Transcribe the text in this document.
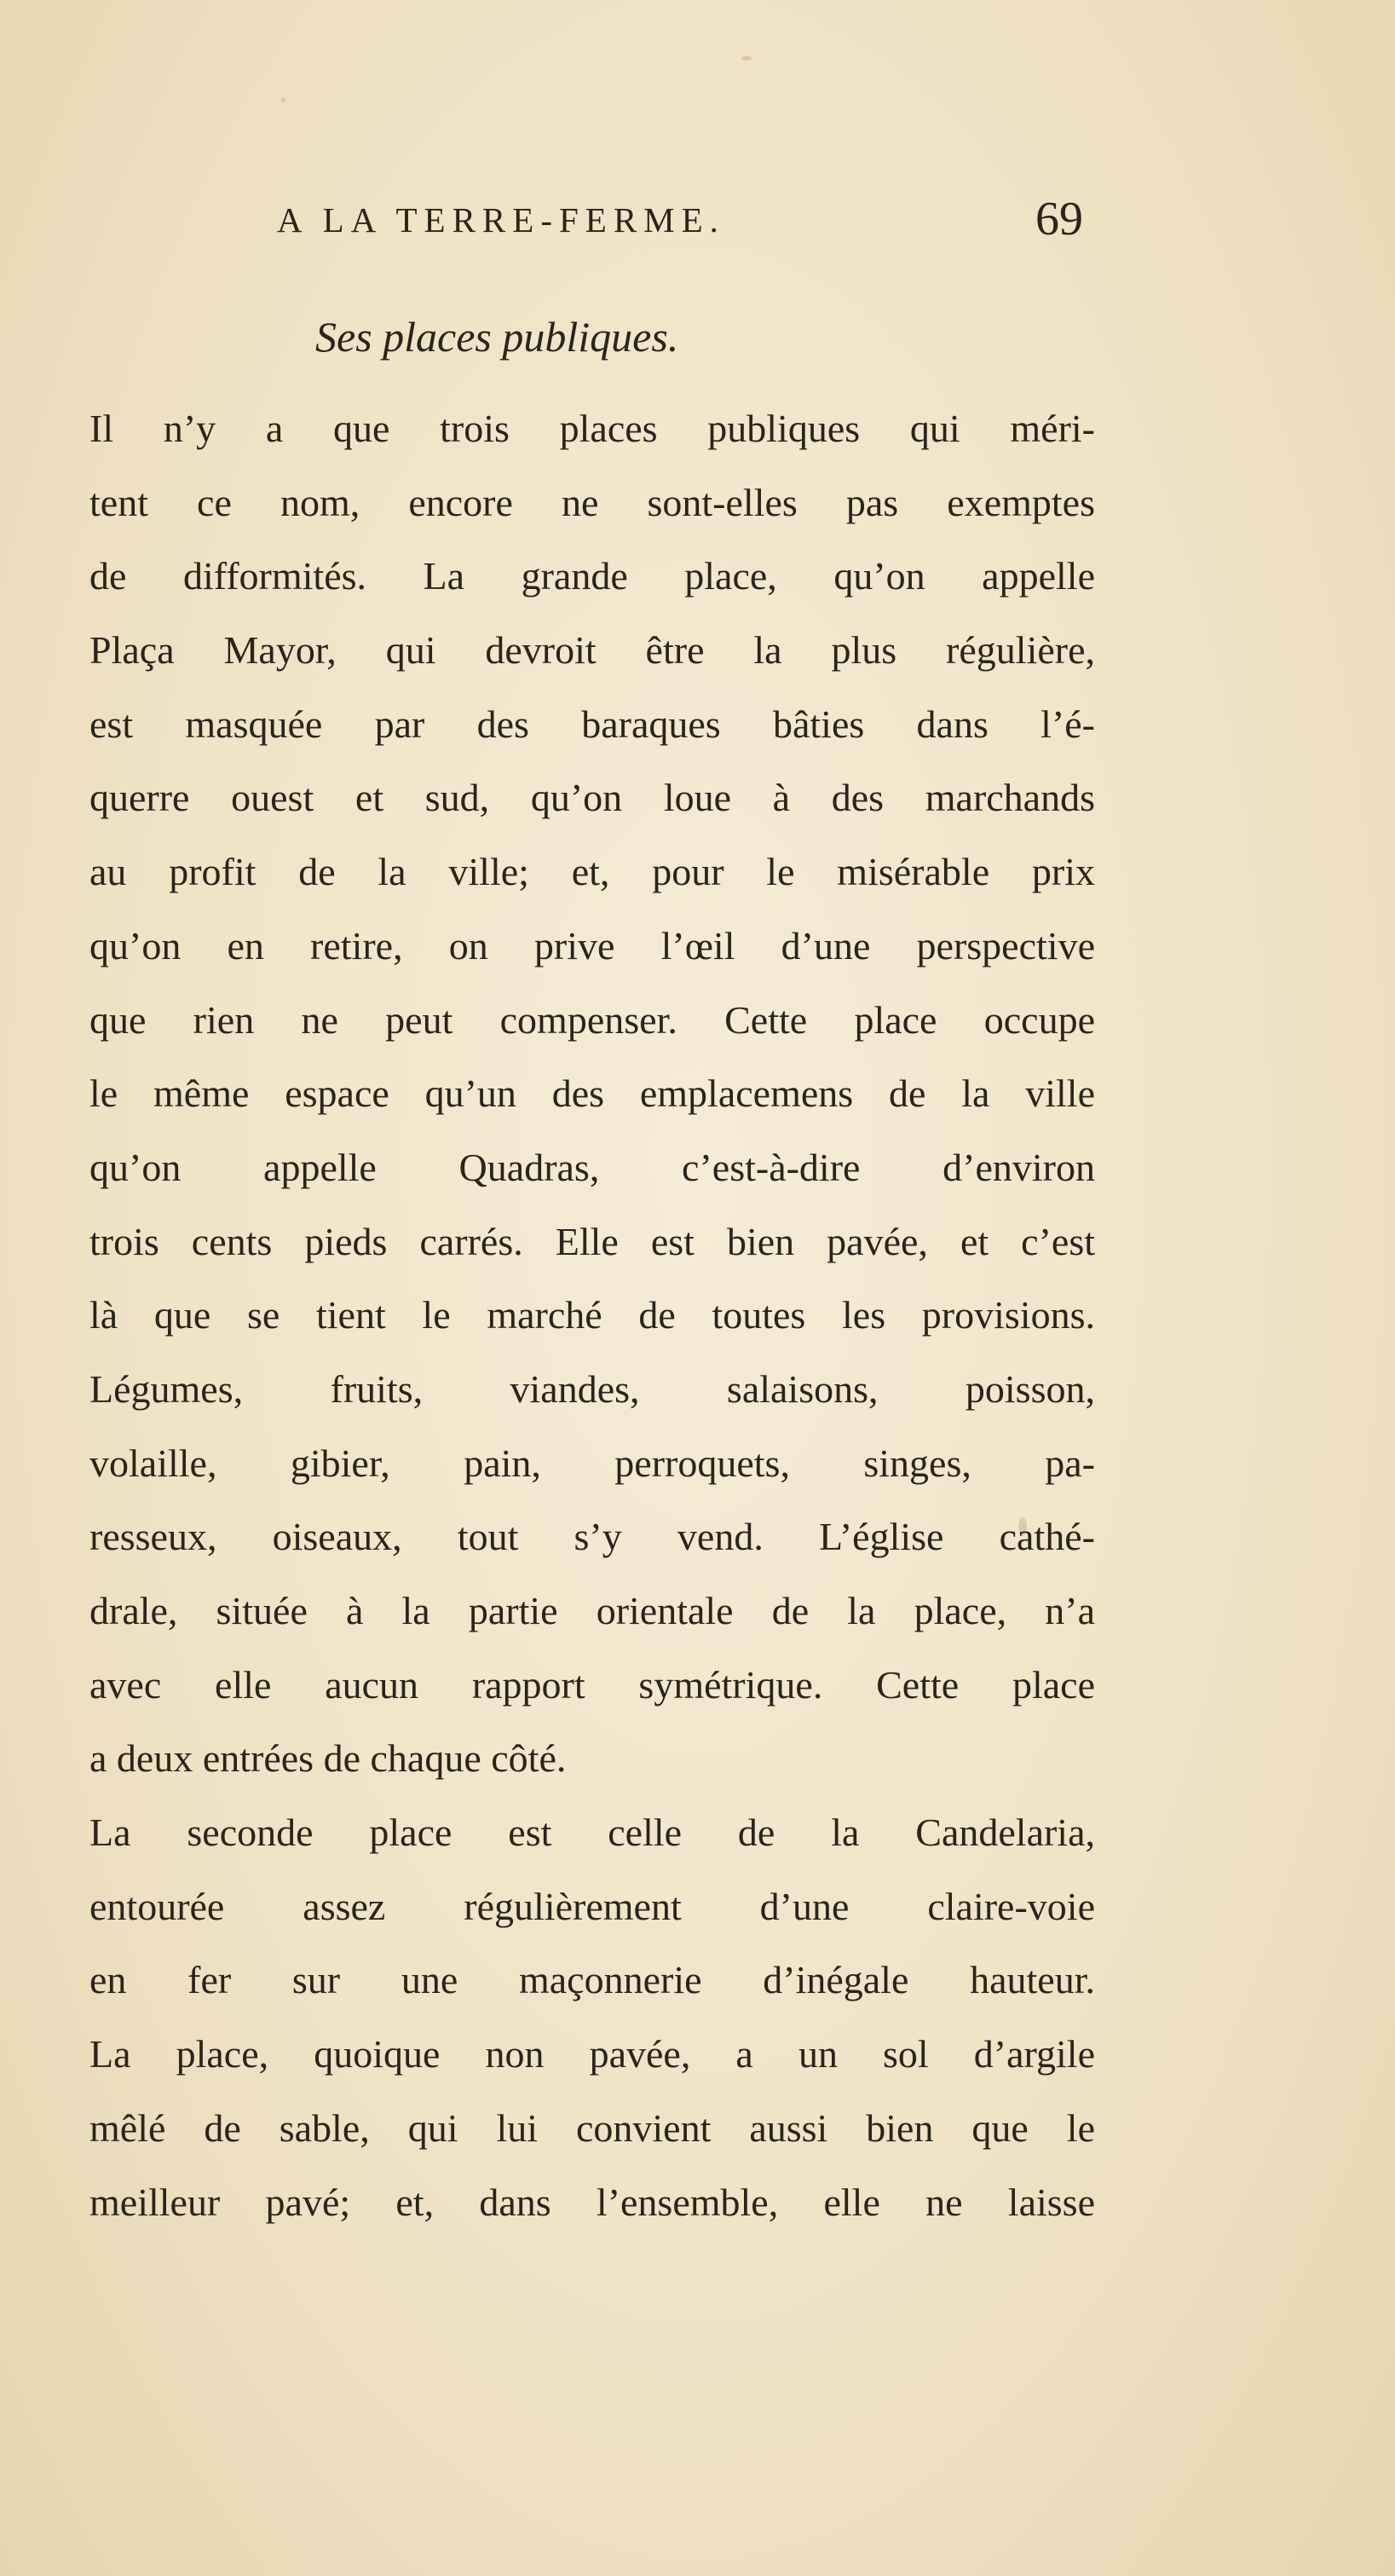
A LA TERRE-FERME.	69
Ses places publiques.
Il n’y a que trois places publiques qui méri-
tent ce nom, encore ne sont-elles pas exemptes
de difformités. La grande place, qu’on appelle
Plaça Mayor, qui devroit être la plus régulière,
est masquée par des baraques bâties dans l’é-
querre ouest et sud, qu’on loue à des marchands
au profit de la ville; et, pour le misérable prix
qu’on en retire, on prive l’œil d’une perspective
que rien ne peut compenser. Cette place occupe
le même espace qu’un des emplacemens de la ville
qu’on appelle Quadras, c’est-à-dire d’environ
trois cents pieds carrés. Elle est bien pavée, et c’est
là que se tient le marché de toutes les provisions.
Légumes, fruits, viandes, salaisons, poisson,
volaille, gibier, pain, perroquets, singes, pa-
resseux, oiseaux, tout s’y vend. L’église cathé-
drale, située à la partie orientale de la place, n’a
avec elle aucun rapport symétrique. Cette place
a deux entrées de chaque côté.
La seconde place est celle de la Candelaria,
entourée assez régulièrement d’une claire-voie
en fer sur une maçonnerie d’inégale hauteur.
La place, quoique non pavée, a un sol d’argile
mêlé de sable, qui lui convient aussi bien que le
meilleur pavé; et, dans l’ensemble, elle ne laisse
